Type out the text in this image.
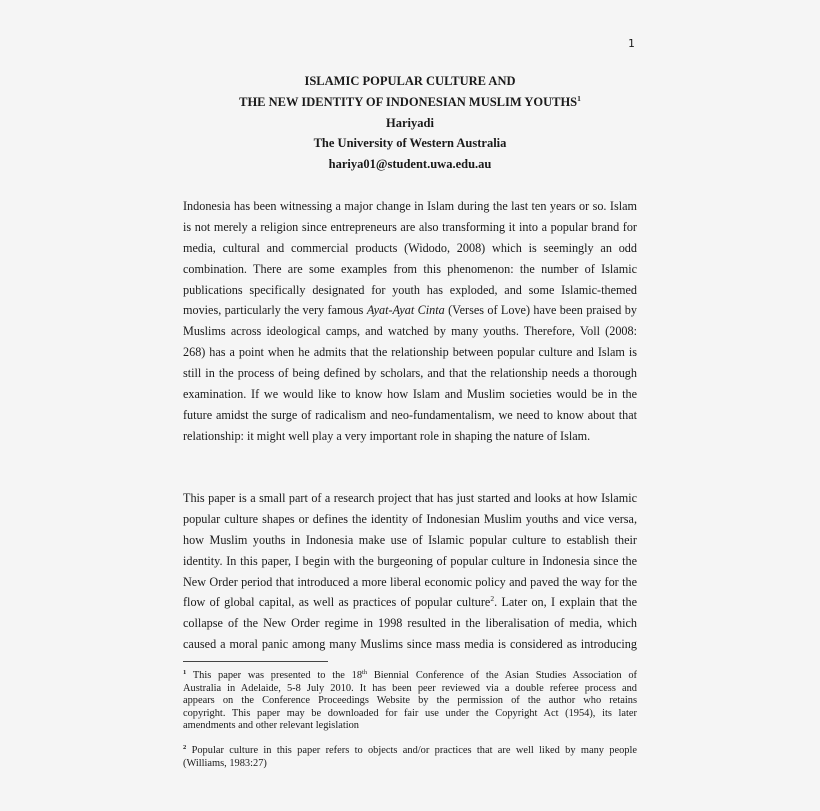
1
ISLAMIC POPULAR CULTURE AND
THE NEW IDENTITY OF INDONESIAN MUSLIM YOUTHS$^1$
Hariyadi
The University of Western Australia
hariya01@student.uwa.edu.au
Indonesia has been witnessing a major change in Islam during the last ten years or so. Islam
is not merely a religion since entrepreneurs are also transforming it into a popular brand for
media, cultural and commercial products (Widodo, 2008) which is seemingly an odd
combination. There are some examples from this phenomenon: the number of Islamic
publications specifically designated for youth has exploded, and some Islamic-themed
movies, particularly the very famous Ayat-Ayat Cinta (Verses of Love) have been praised by
Muslims across ideological camps, and watched by many youths. Therefore, Voll (2008:
268) has a point when he admits that the relationship between popular culture and Islam is
still in the process of being defined by scholars, and that the relationship needs a thorough
examination. If we would like to know how Islam and Muslim societies would be in the
future amidst the surge of radicalism and neo-fundamentalism, we need to know about that
relationship: it might well play a very important role in shaping the nature of Islam.
This paper is a small part of a research project that has just started and looks at how Islamic
popular culture shapes or defines the identity of Indonesian Muslim youths and vice versa,
how Muslim youths in Indonesia make use of Islamic popular culture to establish their
identity. In this paper, I begin with the burgeoning of popular culture in Indonesia since the
New Order period that introduced a more liberal economic policy and paved the way for the
flow of global capital, as well as practices of popular culture$^2$. Later on, I explain that the
collapse of the New Order regime in 1998 resulted in the liberalisation of media, which
caused a moral panic among many Muslims since mass media is considered as introducing
$^1$ This paper was presented to the 18th Biennial Conference of the Asian Studies Association of
Australia in Adelaide, 5-8 July 2010. It has been peer reviewed via a double referee process and
appears on the Conference Proceedings Website by the permission of the author who retains
copyright. This paper may be downloaded for fair use under the Copyright Act (1954), its later
amendments and other relevant legislation
$^2$ Popular culture in this paper refers to objects and/or practices that are well liked by many people
(Williams, 1983:27)
